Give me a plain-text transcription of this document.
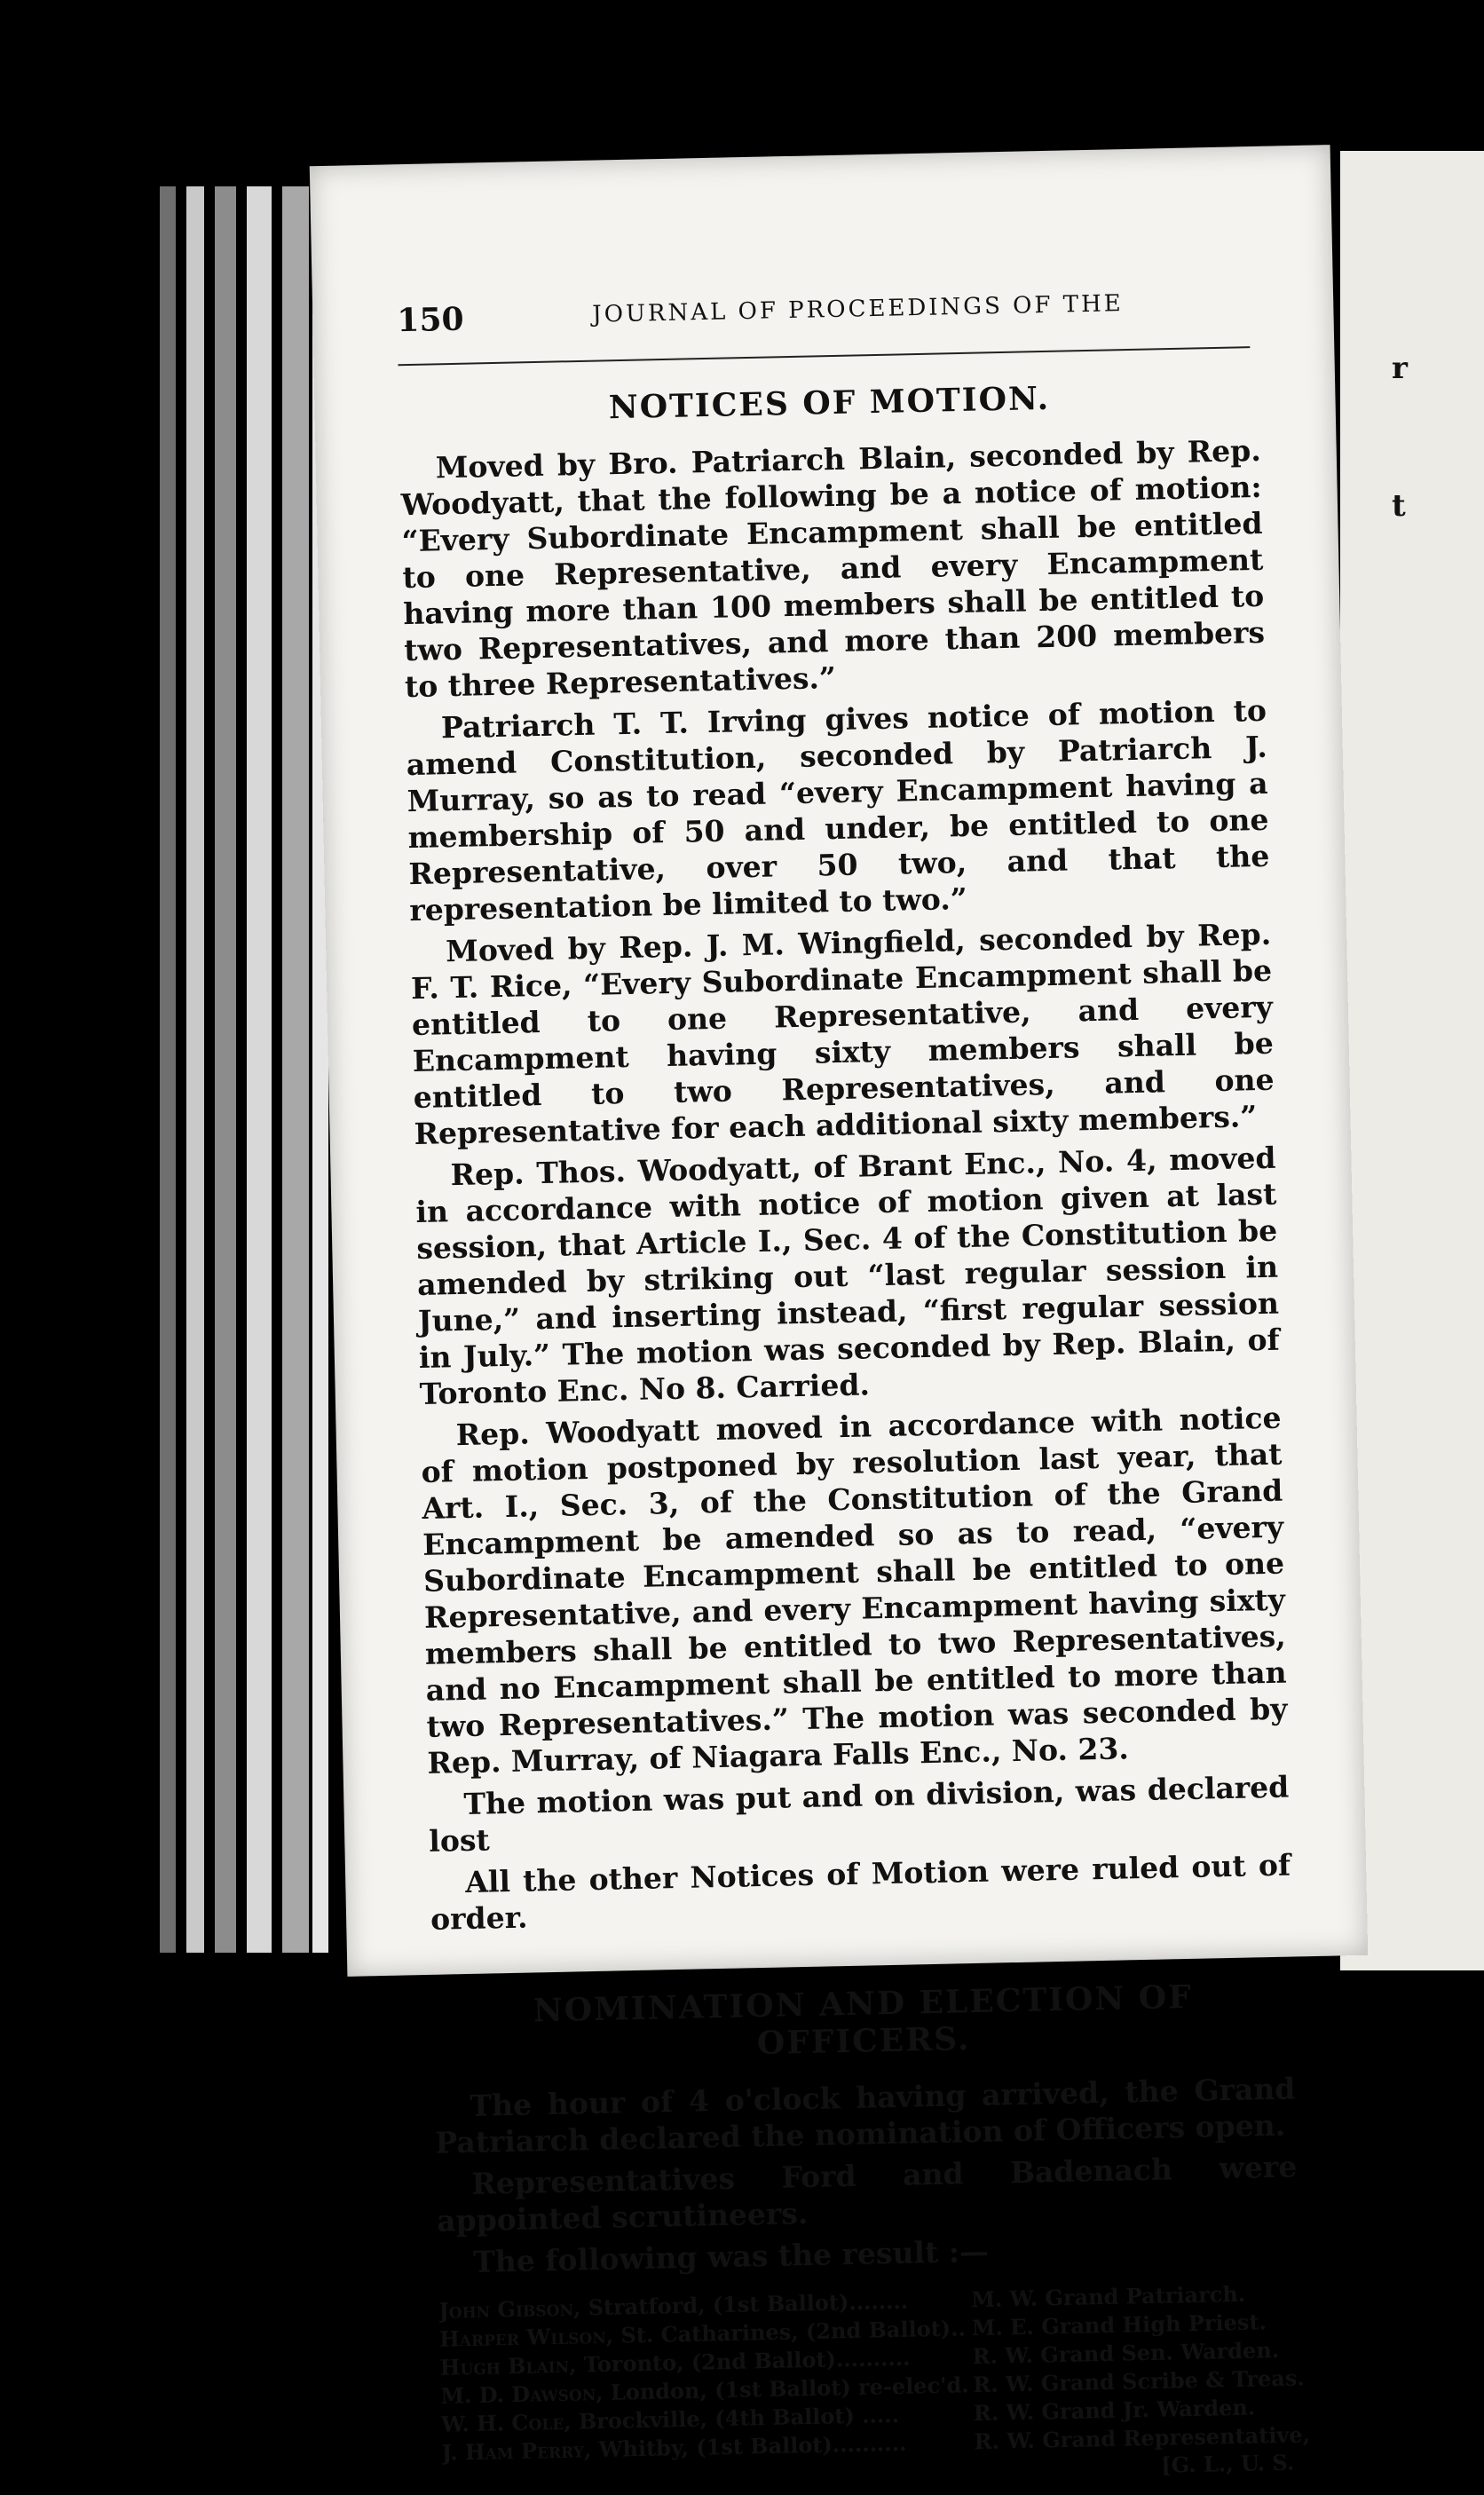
r
t
150	JOURNAL OF PROCEEDINGS OF THE
NOTICES OF MOTION.

Moved by Bro. Patriarch Blain, seconded by Rep. Woodyatt, that the following be a notice of motion: “Every Subordinate Encampment shall be entitled to one Representative, and every Encampment having more than 100 members shall be entitled to two Representatives, and more than 200 members to three Representatives.”

Patriarch T. T. Irving gives notice of motion to amend Constitution, seconded by Patriarch J. Murray, so as to read “every Encampment having a membership of 50 and under, be entitled to one Representative, over 50 two, and that the representation be limited to two.”

Moved by Rep. J. M. Wingfield, seconded by Rep. F. T. Rice, “Every Subordinate Encampment shall be entitled to one Representative, and every Encampment having sixty members shall be entitled to two Representatives, and one Representative for each additional sixty members.”

Rep. Thos. Woodyatt, of Brant Enc., No. 4, moved in accordance with notice of motion given at last session, that Article I., Sec. 4 of the Constitution be amended by striking out “last regular session in June,” and inserting instead, “first regular session in July.” The motion was seconded by Rep. Blain, of Toronto Enc. No 8. Carried.

Rep. Woodyatt moved in accordance with notice of motion postponed by resolution last year, that Art. I., Sec. 3, of the Constitution of the Grand Encampment be amended so as to read, “every Subordinate Encampment shall be entitled to one Representative, and every Encampment having sixty members shall be entitled to two Representatives, and no Encampment shall be entitled to more than two Representatives.” The motion was seconded by Rep. Murray, of Niagara Falls Enc., No. 23.

The motion was put and on division, was declared lost

All the other Notices of Motion were ruled out of order.

NOMINATION AND ELECTION OF OFFICERS.

The hour of 4 o'clock having arrived, the Grand Patriarch declared the nomination of Officers open.

Representatives Ford and Badenach were appointed scrutineers.

The following was the result :—

John Gibson, Stratford, (1st Ballot)........	M. W. Grand Patriarch.
Harper Wilson, St. Catharines, (2nd Ballot).. M. E. Grand High Priest.
Hugh Blain, Toronto, (2nd Ballot)..........	R. W. Grand Sen. Warden.
M. D. Dawson, London, (1st Ballot) re-elec'd. R. W. Grand Scribe & Treas.
W. H. Cole, Brockville, (4th Ballot) .....	R. W. Grand Jr. Warden.
J. Ham Perry, Whitby, (1st Ballot)..........	R. W. Grand Representative,
[G. L., U. S.
